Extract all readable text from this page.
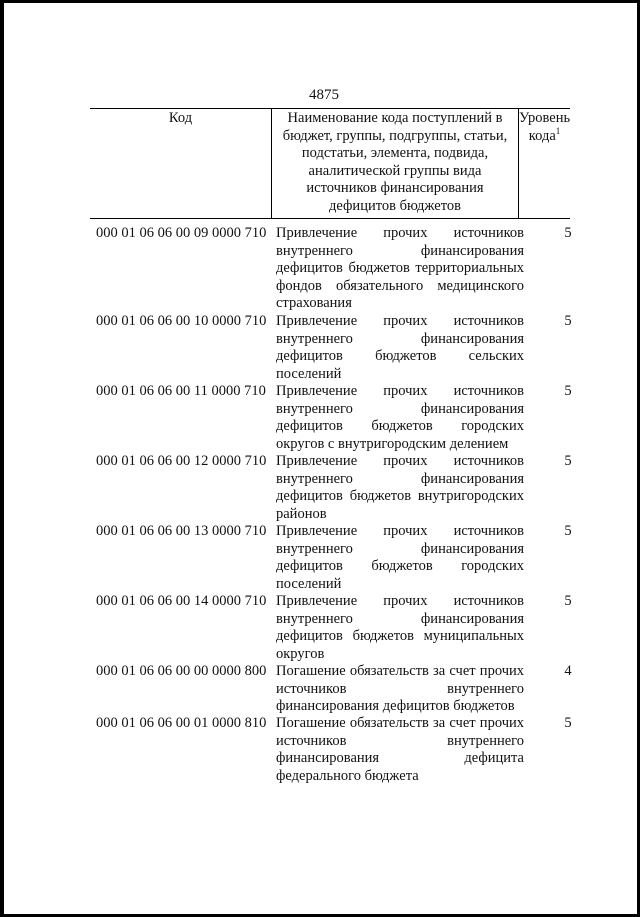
4875
Код	Наименование кода поступлений в бюджет, группы, подгруппы, статьи, подстатьи, элемента, подвида, аналитической группы вида источников финансирования дефицитов бюджетов	Уровень кода$^1$
000 01 06 06 00 09 0000 710 Привлечение прочих источников внутреннего финансирования дефицитов бюджетов территориальных фондов обязательного медицинского страхования
5
000 01 06 06 00 10 0000 710 Привлечение прочих источников внутреннего финансирования дефицитов бюджетов сельских поселений
5
000 01 06 06 00 11 0000 710 Привлечение прочих источников внутреннего финансирования дефицитов бюджетов городских округов с внутригородским делением
5
000 01 06 06 00 12 0000 710 Привлечение прочих источников внутреннего финансирования дефицитов бюджетов внутригородских районов
5
000 01 06 06 00 13 0000 710 Привлечение прочих источников внутреннего финансирования дефицитов бюджетов городских поселений
5
000 01 06 06 00 14 0000 710 Привлечение прочих источников внутреннего финансирования дефицитов бюджетов муниципальных округов
5
000 01 06 06 00 00 0000 800 Погашение обязательств за счет прочих источников внутреннего финансирования дефицитов бюджетов
4
000 01 06 06 00 01 0000 810 Погашение обязательств за счет прочих источников внутреннего финансирования дефицита федерального бюджета
5
